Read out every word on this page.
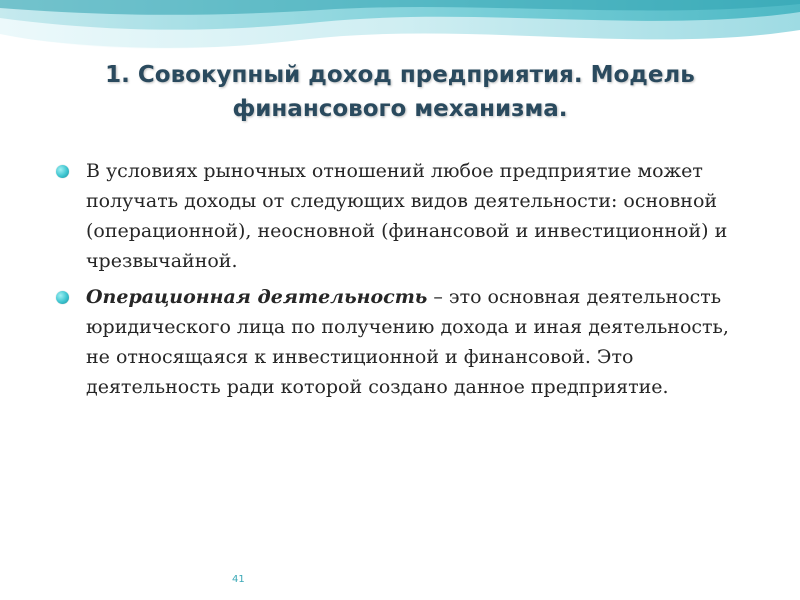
1. Совокупный доход предприятия. Модель
финансового механизма.
В условиях рыночных отношений любое предприятие может получать доходы от следующих видов деятельности: основной (операционной), неосновной (финансовой и инвестиционной) и чрезвычайной.
Операционная деятельность – это основная деятельность юридического лица по получению дохода и иная деятельность, не относящаяся к инвестиционной и финансовой. Это деятельность ради которой создано данное предприятие.
41
